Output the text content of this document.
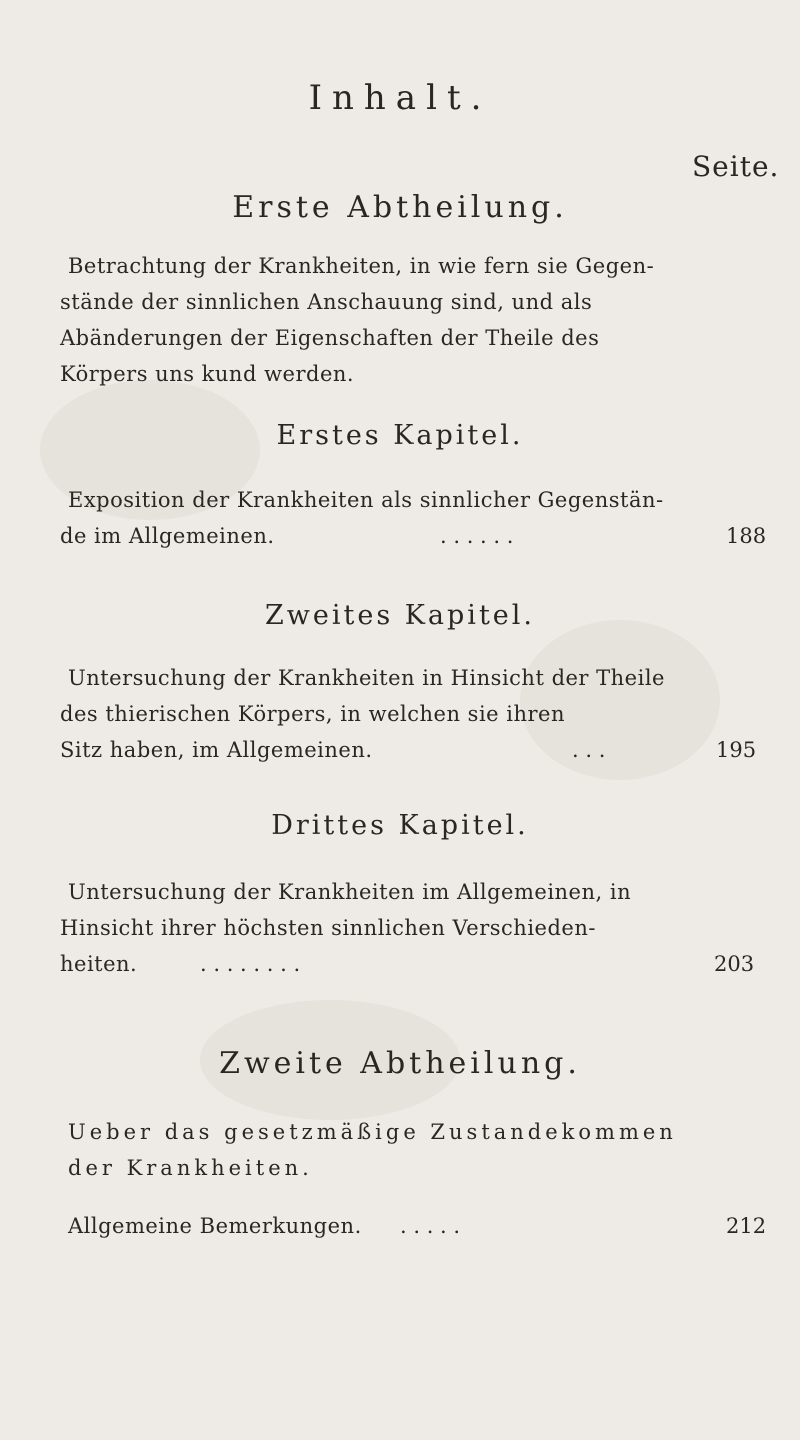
Inhalt.
Seite.
Erste Abtheilung.
Betrachtung der Krankheiten, in wie fern sie Gegen-
stände der sinnlichen Anschauung sind, und als
Abänderungen der Eigenschaften der Theile des
Körpers uns kund werden.
Erstes Kapitel.
Exposition der Krankheiten als sinnlicher Gegenstän-
de im Allgemeinen.	. . . . . .	188
Zweites Kapitel.
Untersuchung der Krankheiten in Hinsicht der Theile
des thierischen Körpers, in welchen sie ihren
Sitz haben, im Allgemeinen.	. . .	195
Drittes Kapitel.
Untersuchung der Krankheiten im Allgemeinen, in
Hinsicht ihrer höchsten sinnlichen Verschieden-
heiten.	. . . . . . . .	203
Zweite Abtheilung.
Ueber das gesetzmäßige Zustandekommen
der Krankheiten.
Allgemeine Bemerkungen. . . . . .	212
